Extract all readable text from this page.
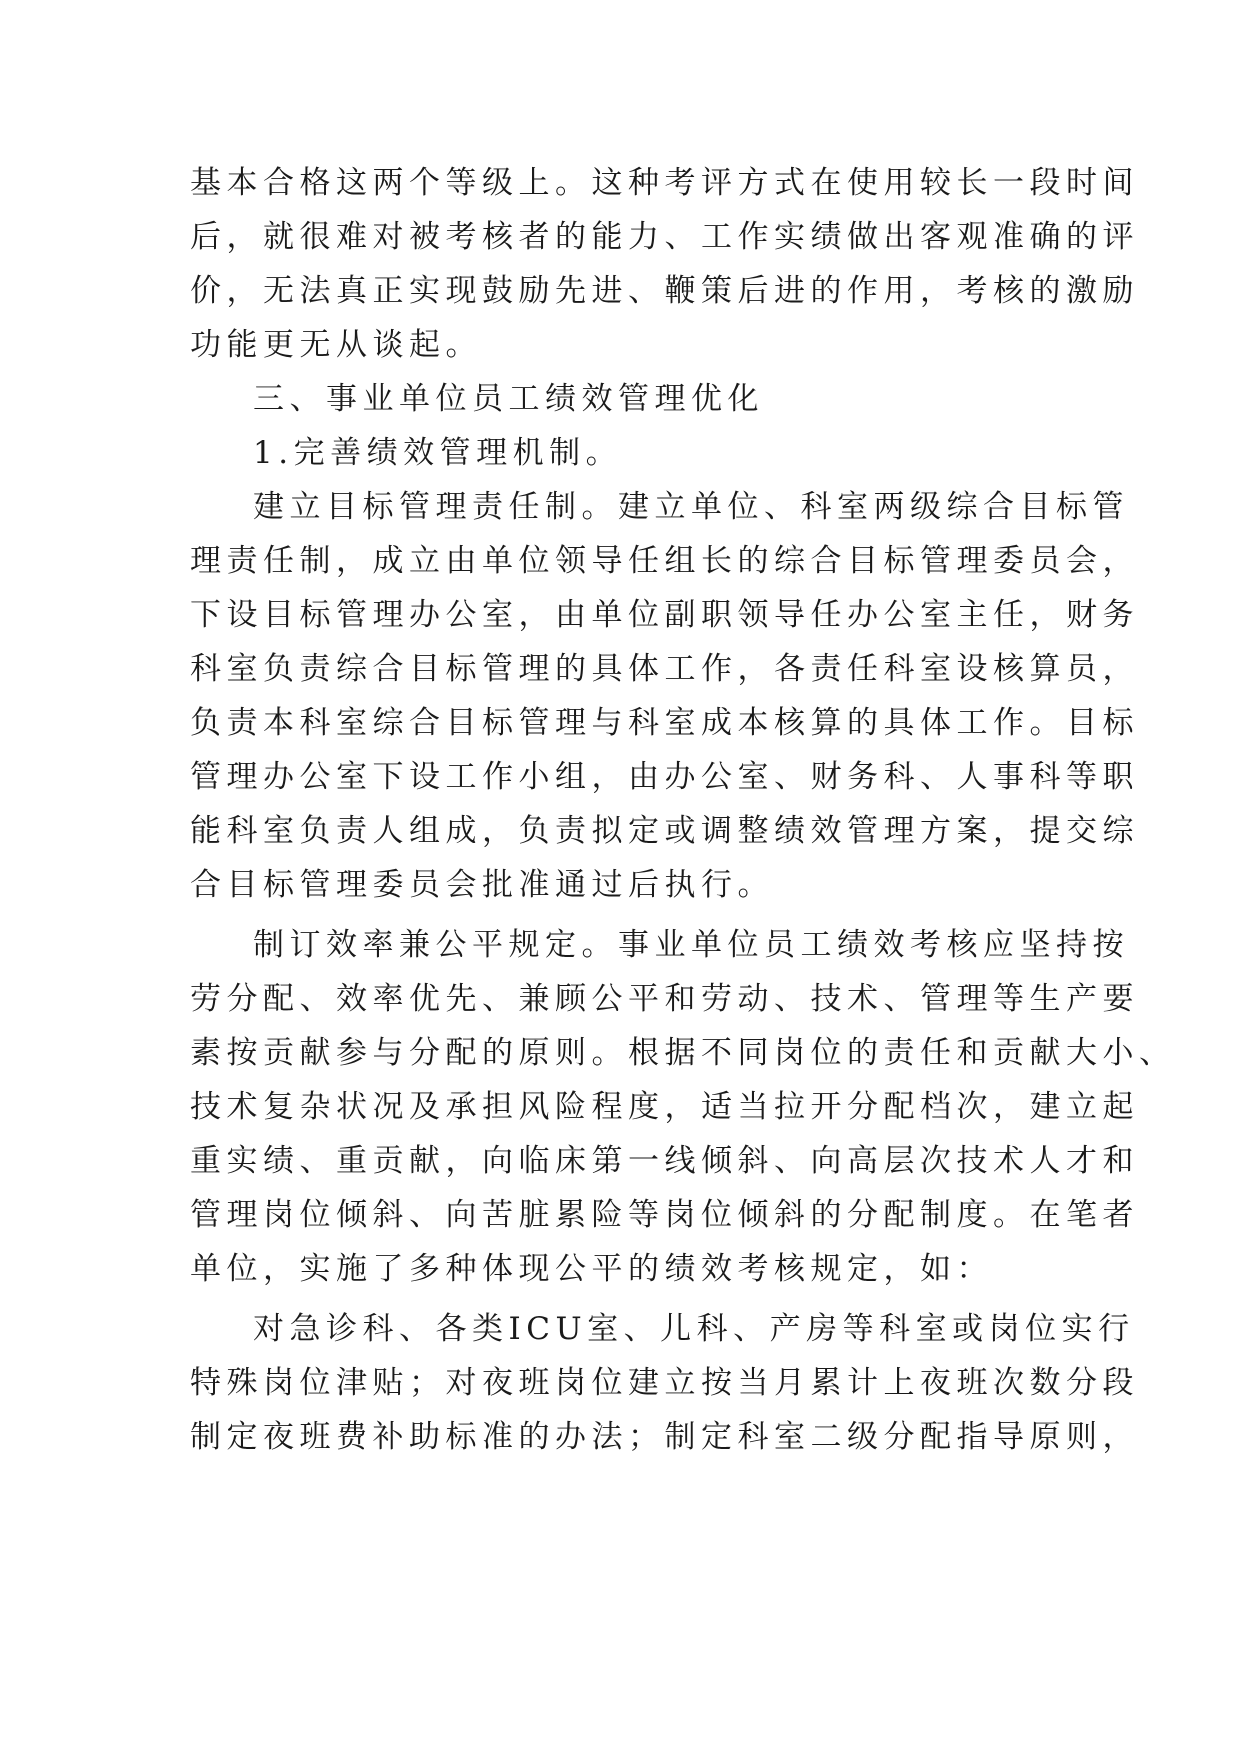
基本合格这两个等级上。这种考评方式在使用较长一段时间
后，就很难对被考核者的能力、工作实绩做出客观准确的评
价，无法真正实现鼓励先进、鞭策后进的作用，考核的激励
功能更无从谈起。
三、事业单位员工绩效管理优化
1.完善绩效管理机制。
建立目标管理责任制。建立单位、科室两级综合目标管
理责任制，成立由单位领导任组长的综合目标管理委员会，
下设目标管理办公室，由单位副职领导任办公室主任，财务
科室负责综合目标管理的具体工作，各责任科室设核算员，
负责本科室综合目标管理与科室成本核算的具体工作。目标
管理办公室下设工作小组，由办公室、财务科、人事科等职
能科室负责人组成，负责拟定或调整绩效管理方案，提交综
合目标管理委员会批准通过后执行。
制订效率兼公平规定。事业单位员工绩效考核应坚持按
劳分配、效率优先、兼顾公平和劳动、技术、管理等生产要
素按贡献参与分配的原则。根据不同岗位的责任和贡献大小、
技术复杂状况及承担风险程度，适当拉开分配档次，建立起
重实绩、重贡献，向临床第一线倾斜、向高层次技术人才和
管理岗位倾斜、向苦脏累险等岗位倾斜的分配制度。在笔者
单位，实施了多种体现公平的绩效考核规定，如：
对急诊科、各类ICU室、儿科、产房等科室或岗位实行
特殊岗位津贴；对夜班岗位建立按当月累计上夜班次数分段
制定夜班费补助标准的办法；制定科室二级分配指导原则，
